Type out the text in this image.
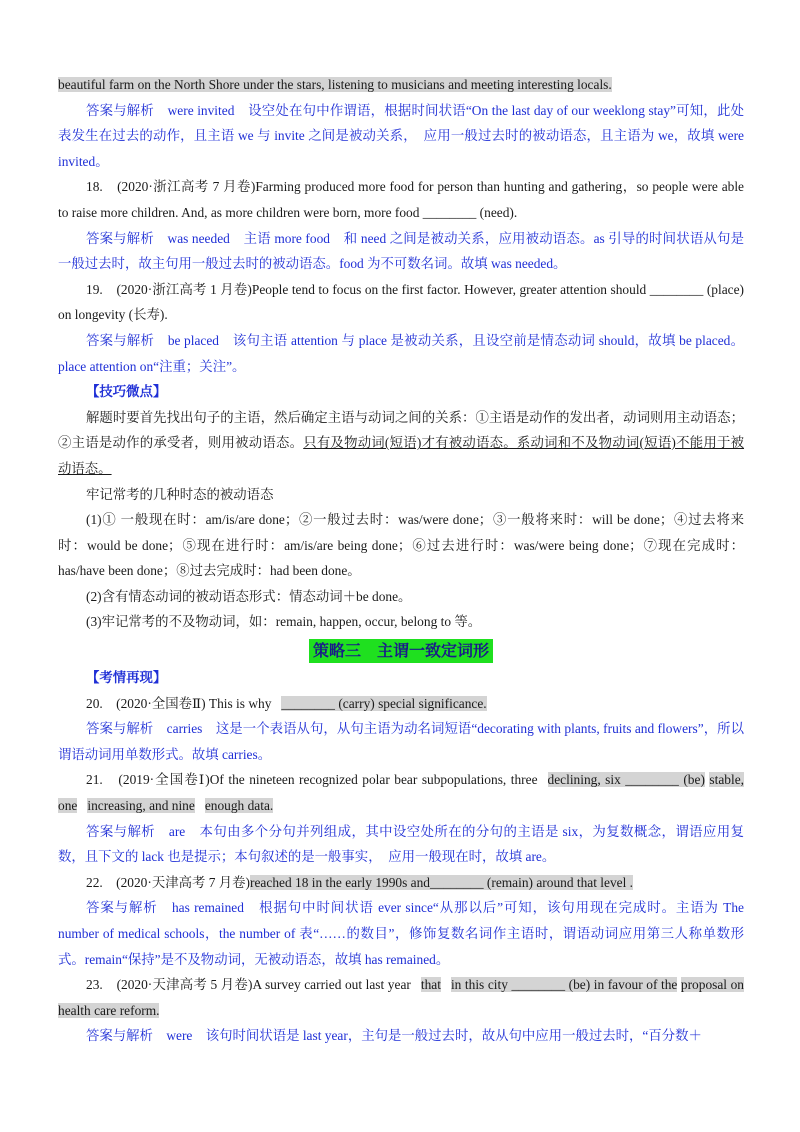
beautiful farm on the North Shore under the stars, listening to musicians and meeting interesting locals.

答案与解析　were invited　设空处在句中作谓语，根据时间状语“On the last day of our weeklong stay”可知，此处表发生在过去的动作，且主语 we 与 invite 之间是被动关系，　应用一般过去时的被动语态，且主语为 we，故填 were invited。

18.　(2020·浙江高考 7 月卷)Farming produced more food for person than hunting and gathering，so people were able to raise more children. And, as more children were born, more food ________ (need).

答案与解析　was needed　主语 more food　和 need 之间是被动关系，应用被动语态。as 引导的时间状语从句是一般过去时，故主句用一般过去时的被动语态。food 为不可数名词。故填 was needed。

19.　(2020·浙江高考 1 月卷)People tend to focus on the first factor. However, greater attention should ________ (place) on longevity (长寿).

答案与解析　be placed　该句主语 attention 与 place 是被动关系，且设空前是情态动词 should，故填 be placed。place attention on“注重；关注”。

【技巧微点】

解题时要首先找出句子的主语，然后确定主语与动词之间的关系：①主语是动作的发出者，动词则用主动语态；②主语是动作的承受者，则用被动语态。只有及物动词(短语)才有被动语态。系动词和不及物动词(短语)不能用于被动语态。

牢记常考的几种时态的被动语态

(1)① 一般现在时：am/is/are done；②一般过去时：was/were done；③一般将来时：will be done；④过去将来时：would be done；⑤现在进行时：am/is/are being done；⑥过去进行时：was/were being done；⑦现在完成时：has/have been done；⑧过去完成时：had been done。

(2)含有情态动词的被动语态形式：情态动词＋be done。

(3)牢记常考的不及物动词，如：remain, happen, occur, belong to 等。

策略三　主谓一致定词形

【考情再现】

20.　(2020·全国卷Ⅱ) This is why ________ (carry) special significance.

答案与解析　carries　这是一个表语从句，从句主语为动名词短语“decorating with plants, fruits and flowers”，所以谓语动词用单数形式。故填 carries。

21.　(2019·全国卷Ⅰ)Of the nineteen recognized polar bear subpopulations, three declining, six ________ (be) stable, one increasing, and nine enough data.

答案与解析　are　本句由多个分句并列组成，其中设空处所在的分句的主语是 six，为复数概念，谓语应用复数，且下文的 lack 也是提示；本句叙述的是一般事实，　应用一般现在时，故填 are。

22.　(2020·天津高考 7 月卷)reached 18 in the early 1990s and________ (remain) around that level .

答案与解析　has remained　根据句中时间状语 ever since“从那以后”可知，该句用现在完成时。主语为 The number of medical schools，the number of 表“……的数目”，修饰复数名词作主语时，谓语动词应用第三人称单数形式。remain“保持”是不及物动词，无被动语态，故填 has remained。

23.　(2020·天津高考 5 月卷)A survey carried out last year that in this city ________ (be) in favour of the proposal on health care reform.

答案与解析　were　该句时间状语是 last year，主句是一般过去时，故从句中应用一般过去时，“百分数＋
